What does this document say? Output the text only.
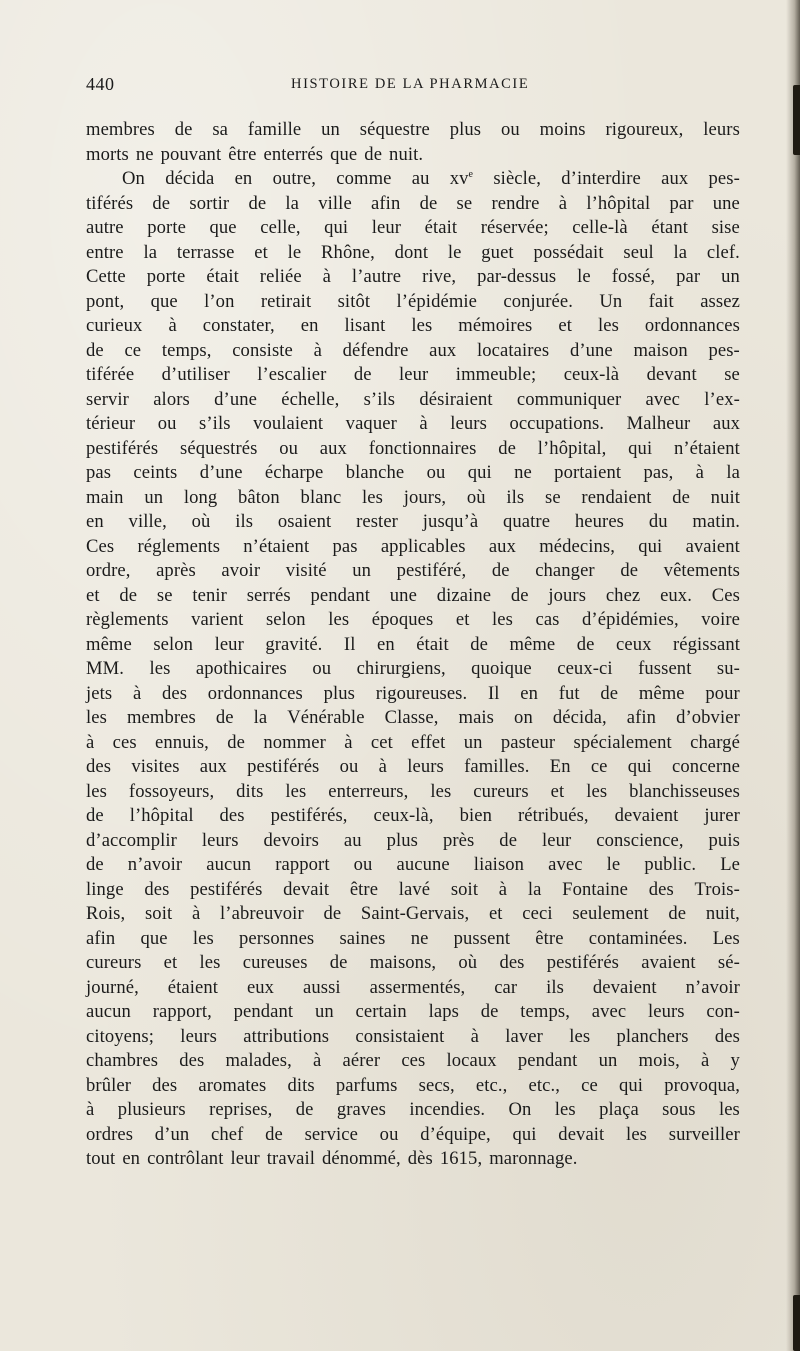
440	HISTOIRE DE LA PHARMACIE
membres de sa famille un séquestre plus ou moins rigoureux, leurs
morts ne pouvant être enterrés que de nuit.
On décida en outre, comme au $xv^e$ siècle, d’interdire aux pes-
tiférés de sortir de la ville afin de se rendre à l’hôpital par une
autre porte que celle, qui leur était réservée; celle-là étant sise
entre la terrasse et le Rhône, dont le guet possédait seul la clef.
Cette porte était reliée à l’autre rive, par-dessus le fossé, par un
pont, que l’on retirait sitôt l’épidémie conjurée. Un fait assez
curieux à constater, en lisant les mémoires et les ordonnances
de ce temps, consiste à défendre aux locataires d’une maison pes-
tiférée d’utiliser l’escalier de leur immeuble; ceux-là devant se
servir alors d’une échelle, s’ils désiraient communiquer avec l’ex-
térieur ou s’ils voulaient vaquer à leurs occupations. Malheur aux
pestiférés séquestrés ou aux fonctionnaires de l’hôpital, qui n’étaient
pas ceints d’une écharpe blanche ou qui ne portaient pas, à la
main un long bâton blanc les jours, où ils se rendaient de nuit
en ville, où ils osaient rester jusqu’à quatre heures du matin.
Ces réglements n’étaient pas applicables aux médecins, qui avaient
ordre, après avoir visité un pestiféré, de changer de vêtements
et de se tenir serrés pendant une dizaine de jours chez eux. Ces
règlements varient selon les époques et les cas d’épidémies, voire
même selon leur gravité. Il en était de même de ceux régissant
MM. les apothicaires ou chirurgiens, quoique ceux-ci fussent su-
jets à des ordonnances plus rigoureuses. Il en fut de même pour
les membres de la Vénérable Classe, mais on décida, afin d’obvier
à ces ennuis, de nommer à cet effet un pasteur spécialement chargé
des visites aux pestiférés ou à leurs familles. En ce qui concerne
les fossoyeurs, dits les enterreurs, les cureurs et les blanchisseuses
de l’hôpital des pestiférés, ceux-là, bien rétribués, devaient jurer
d’accomplir leurs devoirs au plus près de leur conscience, puis
de n’avoir aucun rapport ou aucune liaison avec le public. Le
linge des pestiférés devait être lavé soit à la Fontaine des Trois-
Rois, soit à l’abreuvoir de Saint-Gervais, et ceci seulement de nuit,
afin que les personnes saines ne pussent être contaminées. Les
cureurs et les cureuses de maisons, où des pestiférés avaient sé-
journé, étaient eux aussi assermentés, car ils devaient n’avoir
aucun rapport, pendant un certain laps de temps, avec leurs con-
citoyens; leurs attributions consistaient à laver les planchers des
chambres des malades, à aérer ces locaux pendant un mois, à y
brûler des aromates dits parfums secs, etc., etc., ce qui provoqua,
à plusieurs reprises, de graves incendies. On les plaça sous les
ordres d’un chef de service ou d’équipe, qui devait les surveiller
tout en contrôlant leur travail dénommé, dès 1615, maronnage.
